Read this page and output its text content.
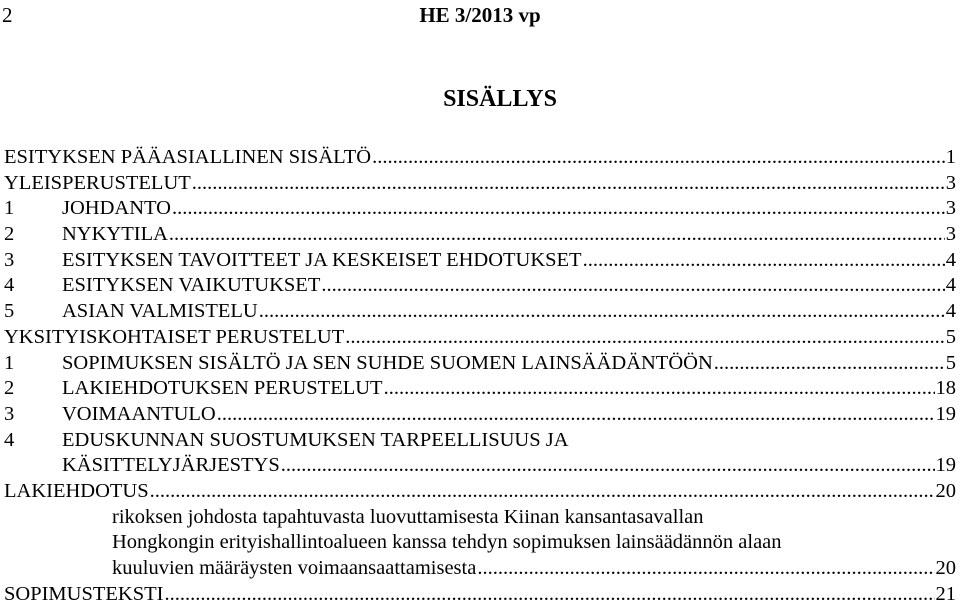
2	HE 3/2013 vp
SISÄLLYS
ESITYKSEN PÄÄASIALLINEN SISÄLTÖ .....	1
YLEISPERUSTELUT .....	3
1	JOHDANTO .....	3
2	NYKYTILA .....	3
3	ESITYKSEN TAVOITTEET JA KESKEISET EHDOTUKSET .....	4
4	ESITYKSEN VAIKUTUKSET .....	4
5	ASIAN VALMISTELU .....	4
YKSITYISKOHTAISET PERUSTELUT .....	5
1	SOPIMUKSEN SISÄLTÖ JA SEN SUHDE SUOMEN LAINSÄÄDÄNTÖÖN .....	5
2	LAKIEHDOTUKSEN PERUSTELUT .....	18
3	VOIMAANTULO .....	19
4	EDUSKUNNAN SUOSTUMUKSEN TARPEELLISUUS JA
KÄSITTELYJÄRJESTYS .....	19
LAKIEHDOTUS .....	20
rikoksen johdosta tapahtuvasta luovuttamisesta Kiinan kansantasavallan
Hongkongin erityishallintoalueen kanssa tehdyn sopimuksen lainsäädännön alaan
kuuluvien määräysten voimaansaattamisesta .....	20
SOPIMUSTEKSTI .....	21
